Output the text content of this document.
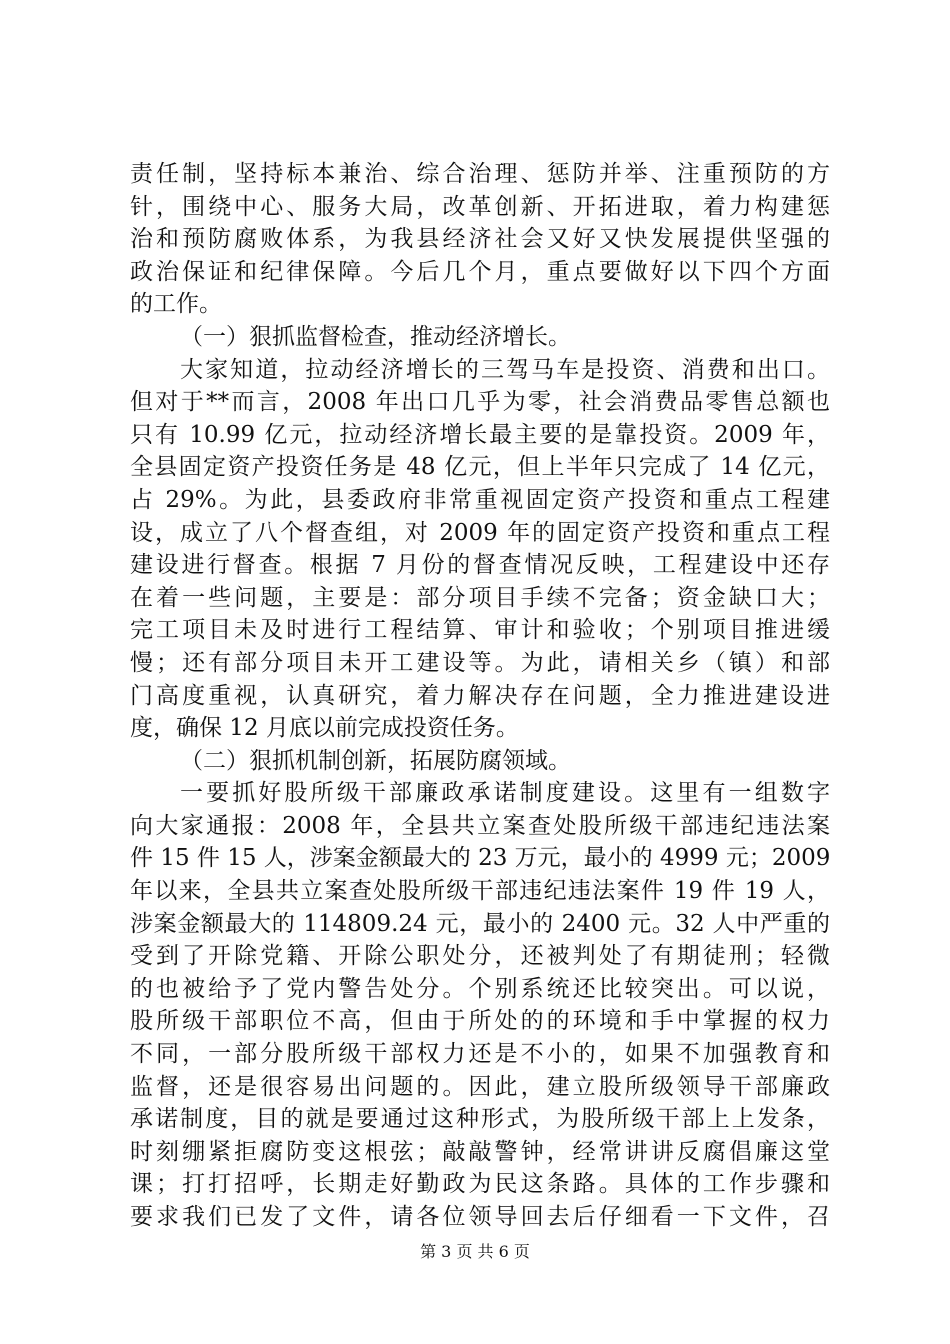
责任制，坚持标本兼治、综合治理、惩防并举、注重预防的方
针，围绕中心、服务大局，改革创新、开拓进取，着力构建惩
治和预防腐败体系，为我县经济社会又好又快发展提供坚强的
政治保证和纪律保障。今后几个月，重点要做好以下四个方面
的工作。
（一）狠抓监督检查，推动经济增长。
大家知道，拉动经济增长的三驾马车是投资、消费和出口。
但对于**而言，2008 年出口几乎为零，社会消费品零售总额也
只有 10.99 亿元，拉动经济增长最主要的是靠投资。2009 年，
全县固定资产投资任务是 48 亿元，但上半年只完成了 14 亿元，
占 29%。为此，县委政府非常重视固定资产投资和重点工程建
设，成立了八个督查组，对 2009 年的固定资产投资和重点工程
建设进行督查。根据 7 月份的督查情况反映，工程建设中还存
在着一些问题，主要是：部分项目手续不完备；资金缺口大；
完工项目未及时进行工程结算、审计和验收；个别项目推进缓
慢；还有部分项目未开工建设等。为此，请相关乡（镇）和部
门高度重视，认真研究，着力解决存在问题，全力推进建设进
度，确保 12 月底以前完成投资任务。
（二）狠抓机制创新，拓展防腐领域。
一要抓好股所级干部廉政承诺制度建设。这里有一组数字
向大家通报：2008 年，全县共立案查处股所级干部违纪违法案
件 15 件 15 人，涉案金额最大的 23 万元，最小的 4999 元；2009
年以来，全县共立案查处股所级干部违纪违法案件 19 件 19 人，
涉案金额最大的 114809.24 元，最小的 2400 元。32 人中严重的
受到了开除党籍、开除公职处分，还被判处了有期徒刑；轻微
的也被给予了党内警告处分。个别系统还比较突出。可以说，
股所级干部职位不高，但由于所处的的环境和手中掌握的权力
不同，一部分股所级干部权力还是不小的，如果不加强教育和
监督，还是很容易出问题的。因此，建立股所级领导干部廉政
承诺制度，目的就是要通过这种形式，为股所级干部上上发条，
时刻绷紧拒腐防变这根弦；敲敲警钟，经常讲讲反腐倡廉这堂
课；打打招呼，长期走好勤政为民这条路。具体的工作步骤和
要求我们已发了文件，请各位领导回去后仔细看一下文件，召
第 3 页 共 6 页
